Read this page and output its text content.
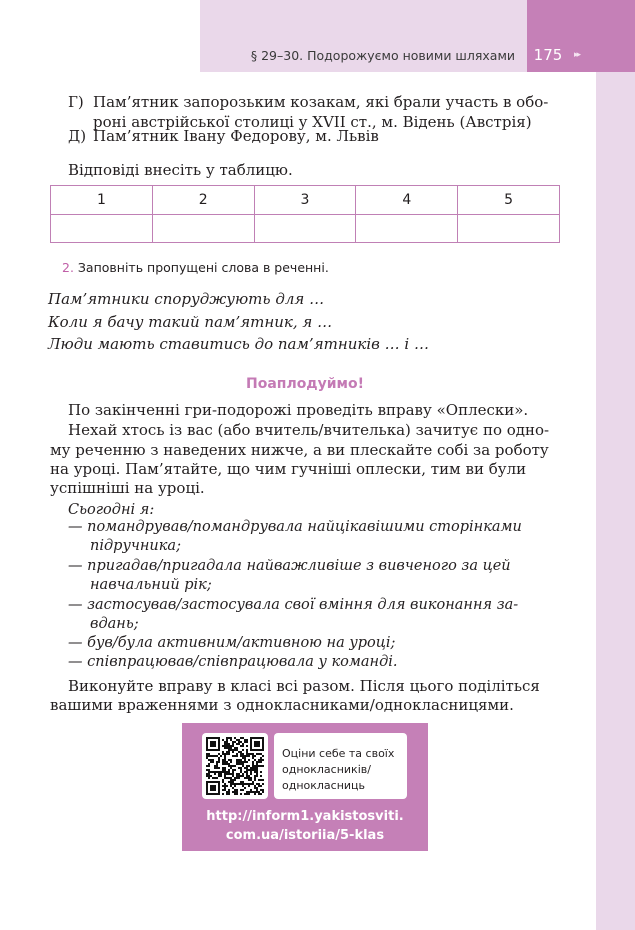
§ 29–30. Подорожуємо новими шляхами	175	▸▸
Г) Пам’ятник запорозьким козакам, які брали участь в обо-
роні австрійської столиці у XVII ст., м. Відень (Австрія)
Д) Пам’ятник Івану Федорову, м. Львів
Відповіді внесіть у таблицю.
1	2	3	4	5

2. Заповніть пропущені слова в реченні.
Пам’ятники споруджують для …
Коли я бачу такий пам’ятник, я …
Люди мають ставитись до пам’ятників … і …
Поаплодуймо!
По закінченні гри-подорожі проведіть вправу «Оплески».
Нехай хтось із вас (або вчитель/вчителька) зачитує по одно-
му реченню з наведених нижче, а ви плескайте собі за роботу
на уроці. Пам’ятайте, що чим гучніші оплески, тим ви були
успішніші на уроці.
Сьогодні я:
— помандрував/помандрувала найцікавішими сторінками
підручника;
— пригадав/пригадала найважливіше з вивченого за цей
навчальний рік;
— застосував/застосувала свої вміння для виконання за-
вдань;
— був/була активним/активною на уроці;
— співпрацював/співпрацювала у команді.
Виконуйте вправу в класі всі разом. Після цього поділіться
вашими враженнями з однокласниками/однокласницями.
Оціни себе та своїх
однокласників/
однокласниць
http://inform1.yakistosviti.
com.ua/istoriia/5-klas
